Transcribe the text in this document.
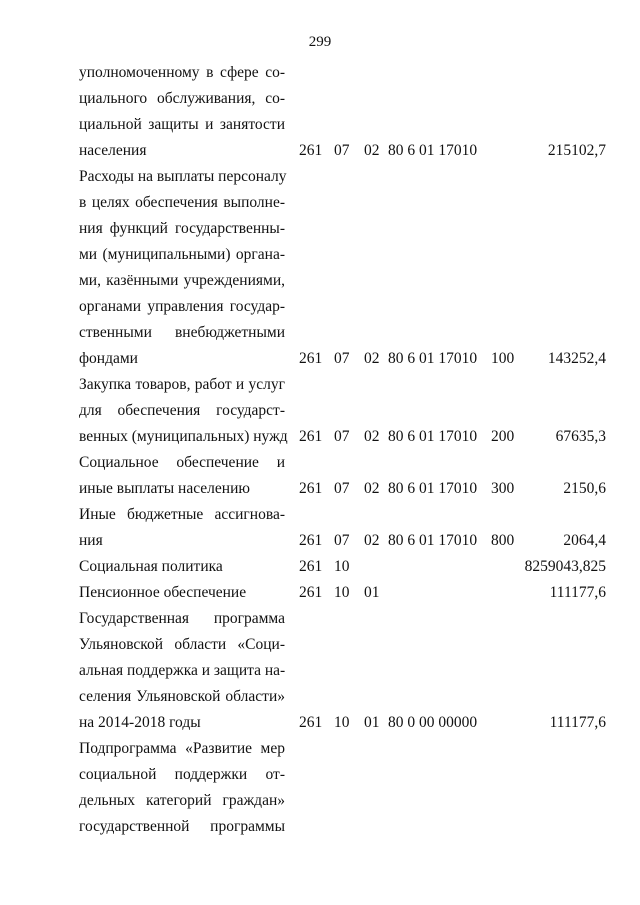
299
уполномоченному в сфере со-
циального обслуживания, со-
циальной защиты и занятости
населения	261 07 02 80 6 01 17010	215102,7
Расходы на выплаты персоналу
в целях обеспечения выполне-
ния функций государственны-
ми (муниципальными) органа-
ми, казёнными учреждениями,
органами управления государ-
ственными внебюджетными
фондами	261 07 02 80 6 01 17010 100 143252,4
Закупка товаров, работ и услуг
для обеспечения государст-
венных (муниципальных) нужд 261 07 02 80 6 01 17010 200	67635,3
Социальное обеспечение и
иные выплаты населению	261 07 02 80 6 01 17010 300	2150,6
Иные бюджетные ассигнова-
ния	261 07 02 80 6 01 17010 800	2064,4
Социальная политика	261 10	8259043,825
Пенсионное обеспечение	261 10 01	111177,6
Государственная программа
Ульяновской области «Соци-
альная поддержка и защита на-
селения Ульяновской области»
на 2014-2018 годы	261 10 01 80 0 00 00000	111177,6
Подпрограмма «Развитие мер
социальной поддержки от-
дельных категорий граждан»
государственной программы
